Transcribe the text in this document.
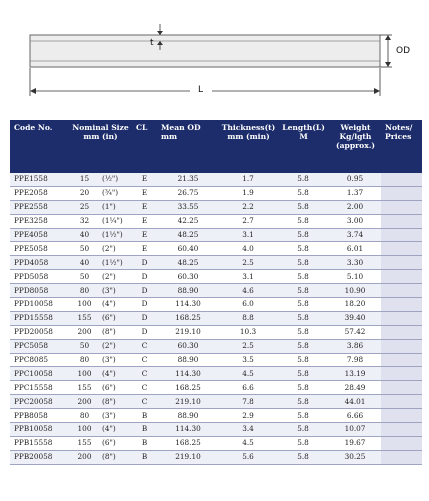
t
OD
L
Code No.	Nominal Size mm (in)		CL	Mean OD mm	Thickness(t) mm (min)	Length(L) M	Weight Kg/lgth (approx.)	Notes/ Prices
PPE1558	15	(½")	E	21.35	1.7	5.8	0.95	
PPE2058	20	(¾")	E	26.75	1.9	5.8	1.37	
PPE2558	25	(1")	E	33.55	2.2	5.8	2.00	
PPE3258	32	(1¼")	E	42.25	2.7	5.8	3.00	
PPE4058	40	(1½")	E	48.25	3.1	5.8	3.74	
PPE5058	50	(2")	E	60.40	4.0	5.8	6.01	
PPD4058	40	(1½")	D	48.25	2.5	5.8	3.30	
PPD5058	50	(2")	D	60.30	3.1	5.8	5.10	
PPD8058	80	(3")	D	88.90	4.6	5.8	10.90	
PPD10058	100	(4")	D	114.30	6.0	5.8	18.20	
PPD15558	155	(6")	D	168.25	8.8	5.8	39.40	
PPD20058	200	(8")	D	219.10	10.3	5.8	57.42	
PPC5058	50	(2")	C	60.30	2.5	5.8	3.86	
PPC8085	80	(3")	C	88.90	3.5	5.8	7.98	
PPC10058	100	(4")	C	114.30	4.5	5.8	13.19	
PPC15558	155	(6")	C	168.25	6.6	5.8	28.49	
PPC20058	200	(8")	C	219.10	7.8	5.8	44.01	
PPB8058	80	(3")	B	88.90	2.9	5.8	6.66	
PPB10058	100	(4")	B	114.30	3.4	5.8	10.07	
PPB15558	155	(6")	B	168.25	4.5	5.8	19.67	
PPB20058	200	(8")	B	219.10	5.6	5.8	30.25	
